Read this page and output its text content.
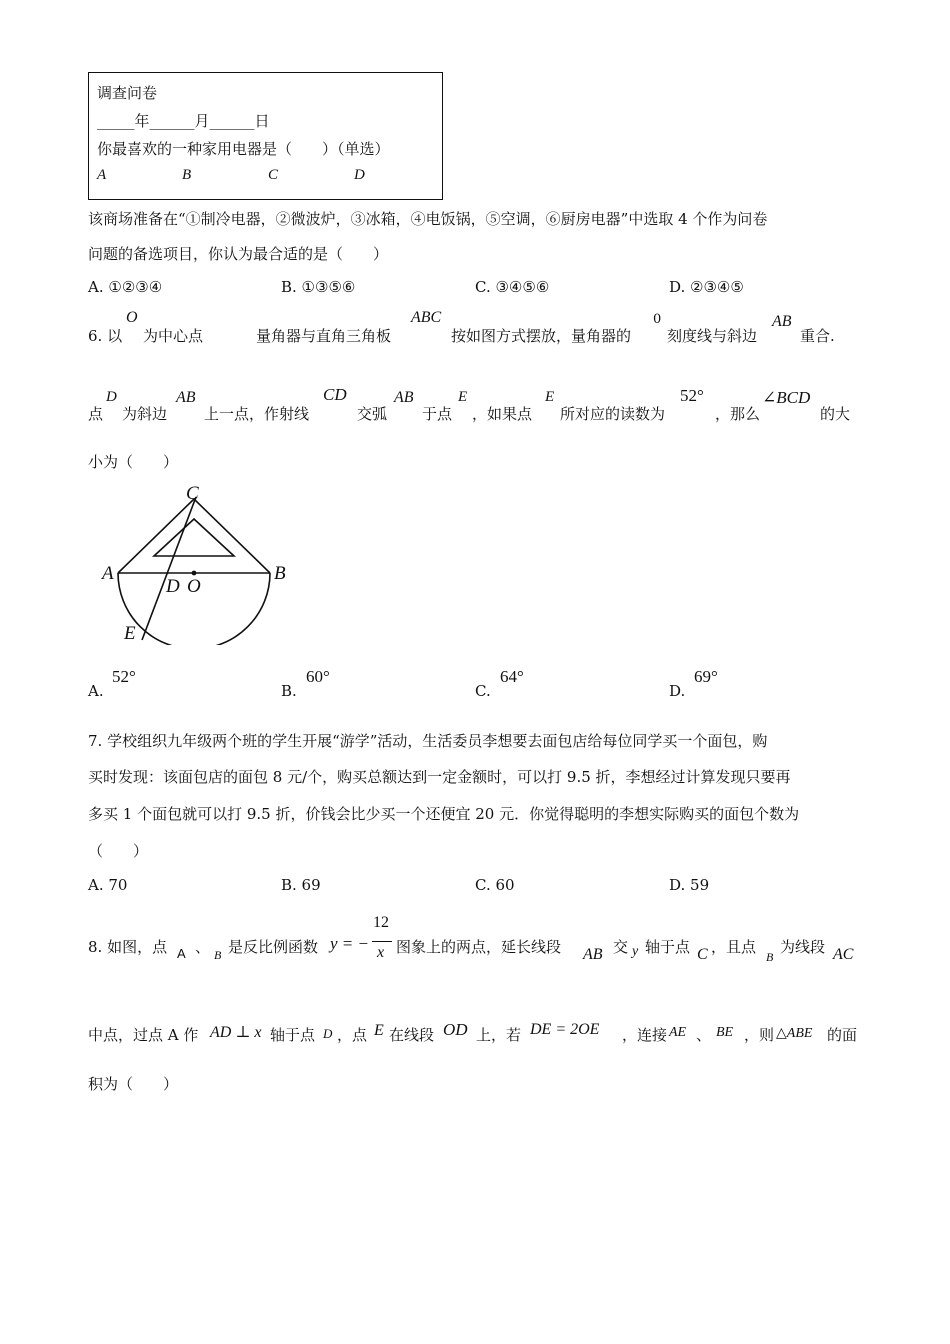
调查问卷
_____年______月______日
你最喜欢的一种家用电器是（　　）（单选）
A	B	C	D
该商场准备在“①制冷电器，②微波炉，③冰箱，④电饭锅，⑤空调，⑥厨房电器”中选取 4 个作为问卷
问题的备选项目，你认为最合适的是（　　）
A. ①②③④	B. ①③⑤⑥	C. ③④⑤⑥	D. ②③④⑤
6. 以
O
为中心点	量角器与直角三角板
ABC
按如图方式摆放，量角器的
0
刻度线与斜边
AB
重合.
点
D
为斜边
AB
上一点，作射线
CD
交弧
AB
于点
E
，如果点
E
所对应的读数为
52°
，那么
∠BCD
的大
小为（　　）
C
A	B
D O
E
A.
52°
B.
60°
C.
64°
D.
69°
7. 学校组织九年级两个班的学生开展“游学”活动，生活委员李想要去面包店给每位同学买一个面包，购
买时发现：该面包店的面包 8 元/个，购买总额达到一定金额时，可以打 9.5 折，李想经过计算发现只要再
多买 1 个面包就可以打 9.5 折，价钱会比少买一个还便宜 20 元．你觉得聪明的李想实际购买的面包个数为
（　　）
A. 70	B. 69	C. 60	D. 59
8. 如图，点 A 、 B 是反比例函数 y = −
12
x 图象上的两点，延长线段 AB 交 y 轴于点 C ，且点
B
为线段 AC
中点，过点 A 作 AD ⊥ x 轴于点 D ，点 E 在线段 OD 上，若 DE = 2OE ，连接 AE 、 BE ，则 △ABE 的面
积为（　　）
